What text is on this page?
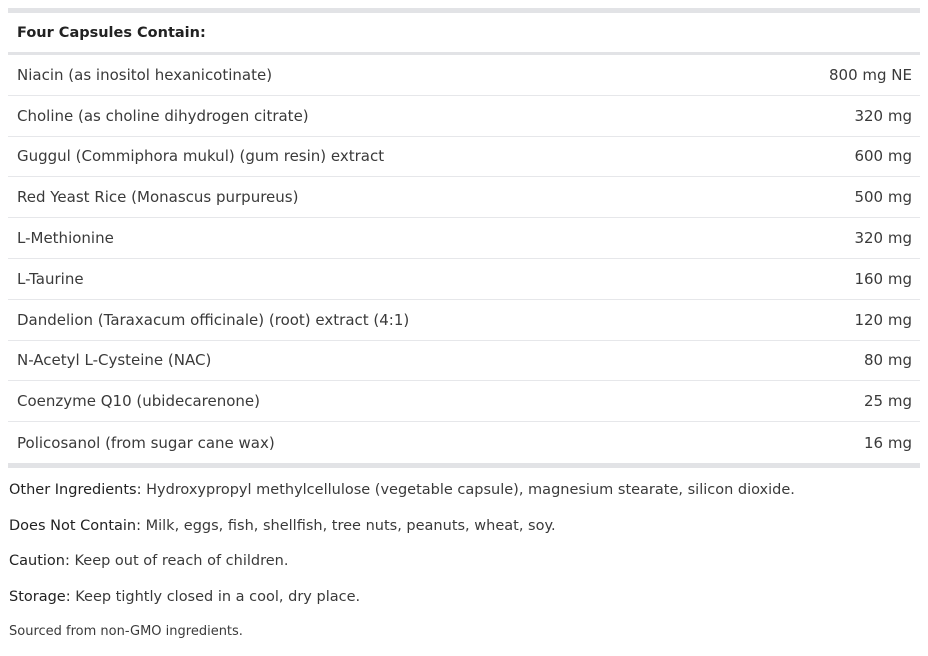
Four Capsules Contain:
Niacin (as inositol hexanicotinate)	800 mg NE
Choline (as choline dihydrogen citrate)	320 mg
Guggul (Commiphora mukul) (gum resin) extract	600 mg
Red Yeast Rice (Monascus purpureus)	500 mg
L-Methionine	320 mg
L-Taurine	160 mg
Dandelion (Taraxacum officinale) (root) extract (4:1)	120 mg
N-Acetyl L-Cysteine (NAC)	80 mg
Coenzyme Q10 (ubidecarenone)	25 mg
Policosanol (from sugar cane wax)	16 mg
Other Ingredients: Hydroxypropyl methylcellulose (vegetable capsule), magnesium stearate, silicon dioxide.
Does Not Contain: Milk, eggs, fish, shellfish, tree nuts, peanuts, wheat, soy.
Caution: Keep out of reach of children.
Storage: Keep tightly closed in a cool, dry place.
Sourced from non-GMO ingredients.
